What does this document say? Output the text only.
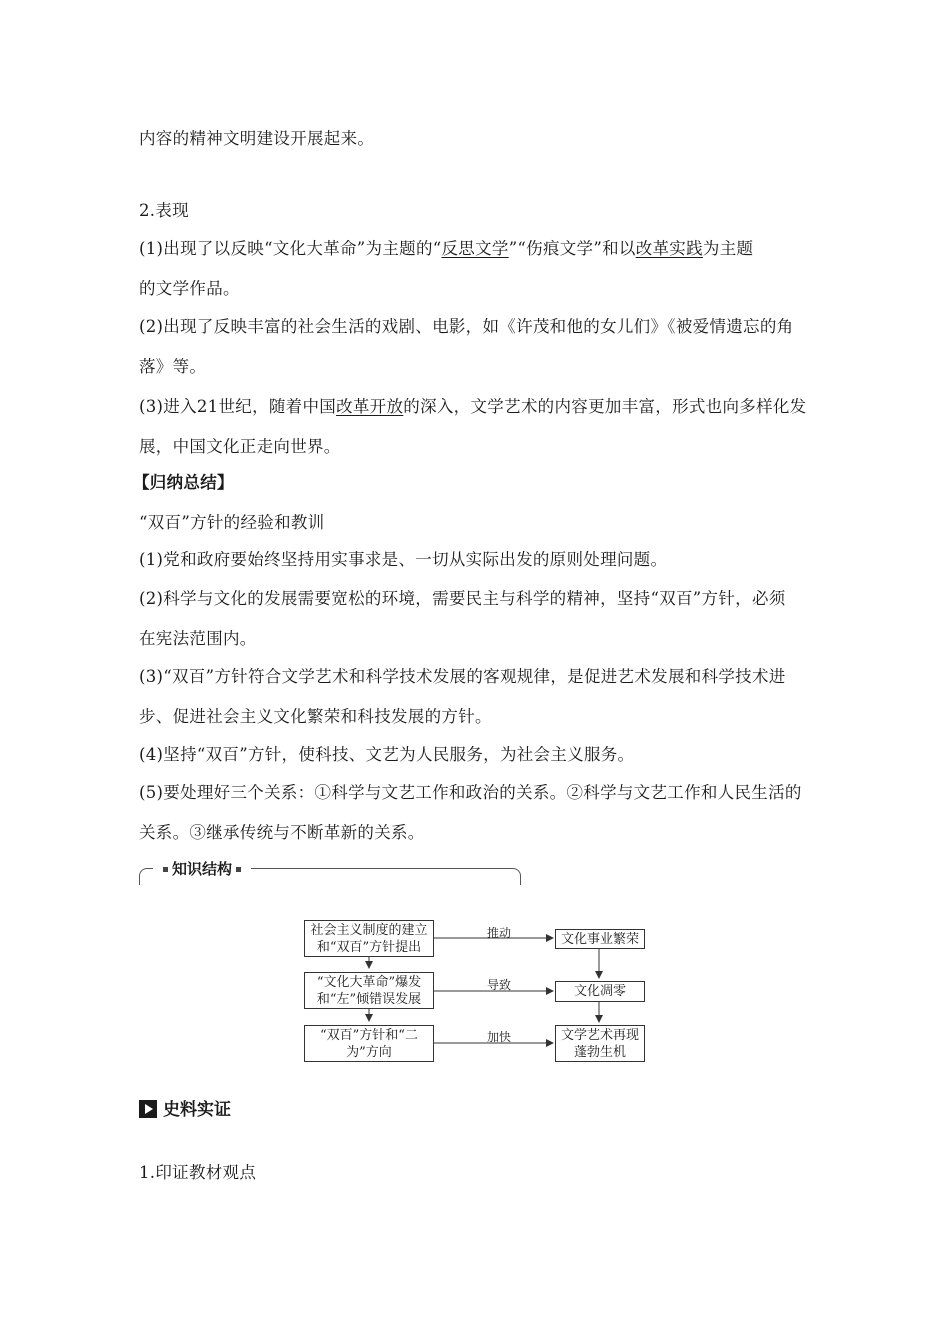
内容的精神文明建设开展起来。
2.表现
(1)出现了以反映“文化大革命”为主题的“反思文学”“伤痕文学”和以改革实践为主题
的文学作品。
(2)出现了反映丰富的社会生活的戏剧、电影，如《许茂和他的女儿们》《被爱情遗忘的角
落》等。
(3)进入21世纪，随着中国改革开放的深入，文学艺术的内容更加丰富，形式也向多样化发
展，中国文化正走向世界。
【归纳总结】
“双百”方针的经验和教训
(1)党和政府要始终坚持用实事求是、一切从实际出发的原则处理问题。
(2)科学与文化的发展需要宽松的环境，需要民主与科学的精神，坚持“双百”方针，必须
在宪法范围内。
(3)“双百”方针符合文学艺术和科学技术发展的客观规律，是促进艺术发展和科学技术进
步、促进社会主义文化繁荣和科技发展的方针。
(4)坚持“双百”方针，使科技、文艺为人民服务，为社会主义服务。
(5)要处理好三个关系：①科学与文艺工作和政治的关系。②科学与文艺工作和人民生活的
关系。③继承传统与不断革新的关系。
知识结构
社会主义制度的建立
和“双百”方针提出
“文化大革命”爆发
和“左”倾错误发展
“双百”方针和“二
为”方向
文化事业繁荣
文化凋零
文学艺术再现
蓬勃生机
推动
导致
加快
史料实证
1.印证教材观点
